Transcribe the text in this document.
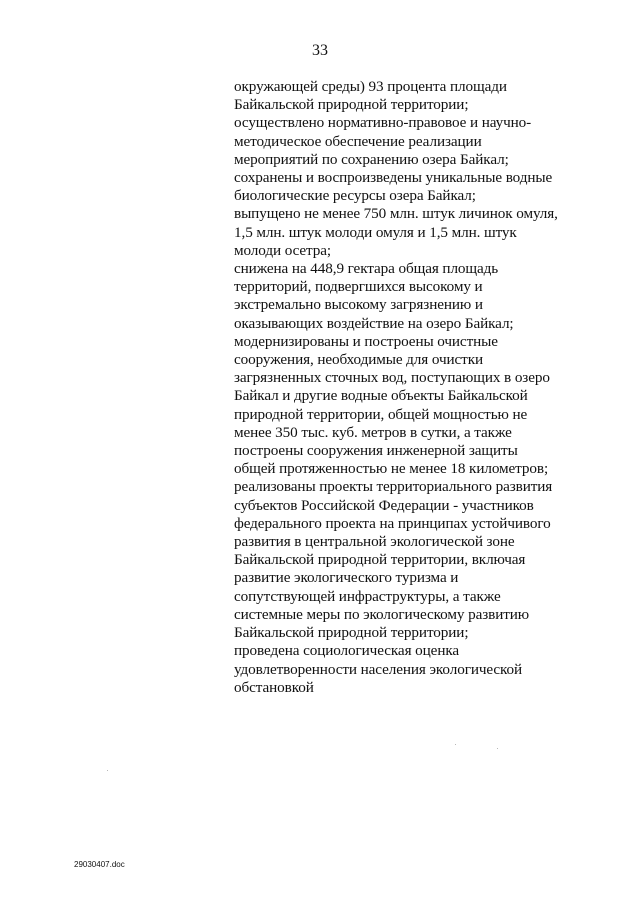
33
окружающей среды) 93 процента площади
Байкальской природной территории;
осуществлено нормативно-правовое и научно-
методическое обеспечение реализации
мероприятий по сохранению озера Байкал;
сохранены и воспроизведены уникальные водные
биологические ресурсы озера Байкал;
выпущено не менее 750 млн. штук личинок омуля,
1,5 млн. штук молоди омуля и 1,5 млн. штук
молоди осетра;
снижена на 448,9 гектара общая площадь
территорий, подвергшихся высокому и
экстремально высокому загрязнению и
оказывающих воздействие на озеро Байкал;
модернизированы и построены очистные
сооружения, необходимые для очистки
загрязненных сточных вод, поступающих в озеро
Байкал и другие водные объекты Байкальской
природной территории, общей мощностью не
менее 350 тыс. куб. метров в сутки, а также
построены сооружения инженерной защиты
общей протяженностью не менее 18 километров;
реализованы проекты территориального развития
субъектов Российской Федерации - участников
федерального проекта на принципах устойчивого
развития в центральной экологической зоне
Байкальской природной территории, включая
развитие экологического туризма и
сопутствующей инфраструктуры, а также
системные меры по экологическому развитию
Байкальской природной территории;
проведена социологическая оценка
удовлетворенности населения экологической
обстановкой
29030407.doc
